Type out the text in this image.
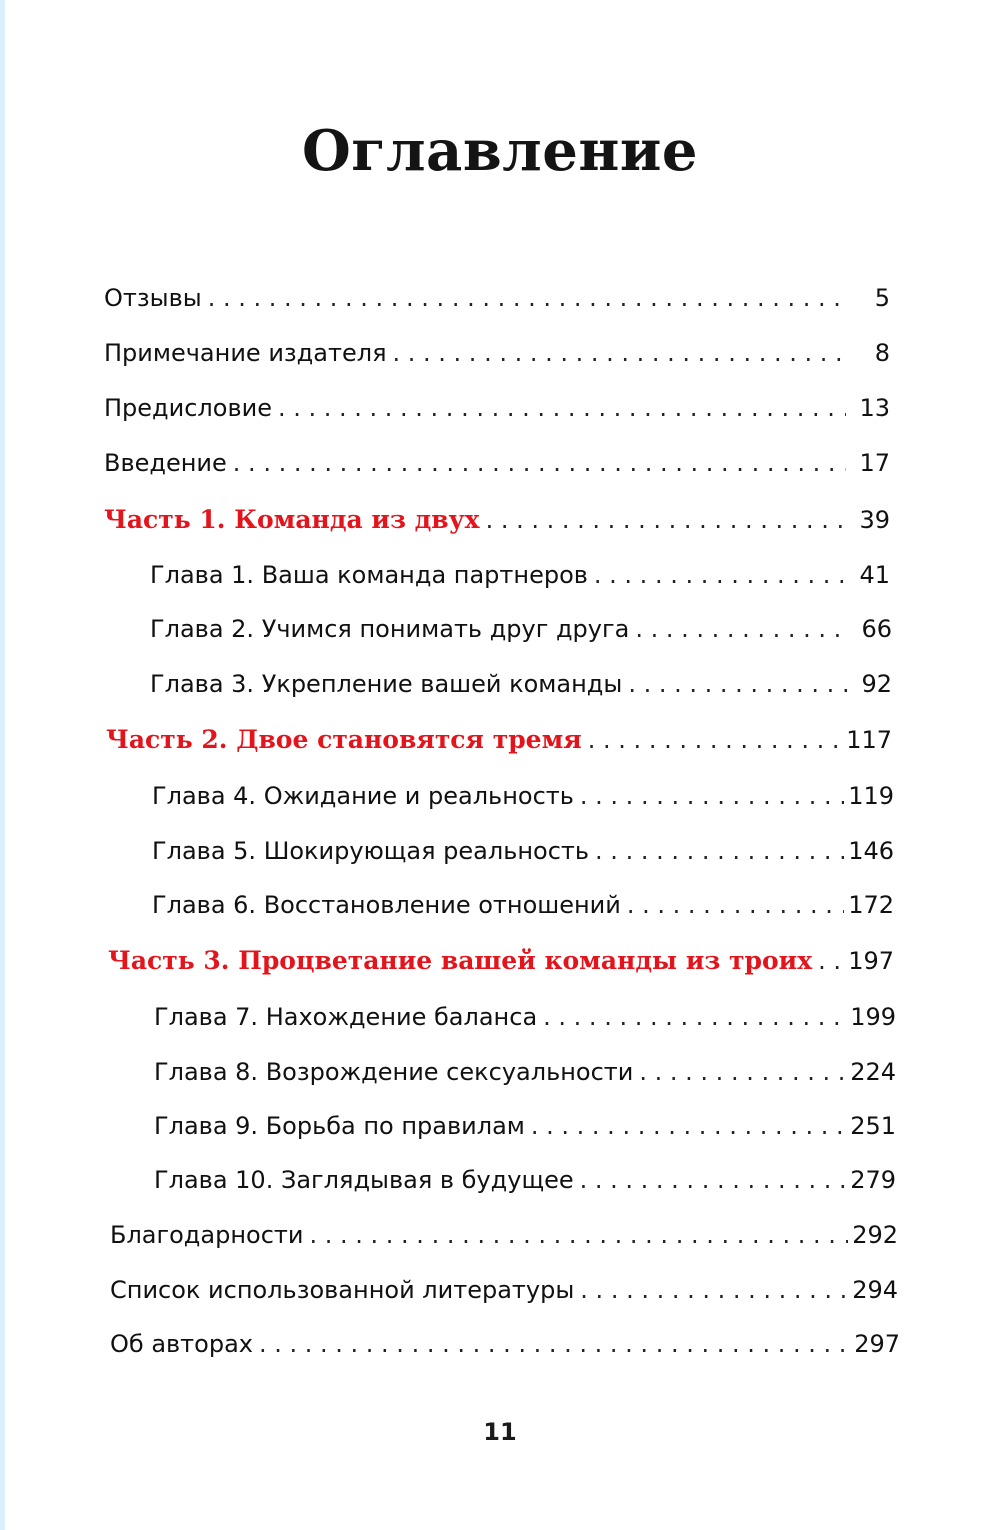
Оглавление
Отзывы . . .	5
Примечание издателя . . .	8
Предисловие . . .	13
Введение . . .	17
Часть 1. Команда из двух . . .	39
Глава 1. Ваша команда партнеров . . .	41
Глава 2. Учимся понимать друг друга . . .	66
Глава 3. Укрепление вашей команды . . .	92
Часть 2. Двое становятся тремя . . .	117
Глава 4. Ожидание и реальность . . .	119
Глава 5. Шокирующая реальность . . .	146
Глава 6. Восстановление отношений . . .	172
Часть 3. Процветание вашей команды из троих . . . 197
Глава 7. Нахождение баланса . . .	199
Глава 8. Возрождение сексуальности . . .	224
Глава 9. Борьба по правилам . . .	251
Глава 10. Заглядывая в будущее . . .	279
Благодарности . . .	292
Список использованной литературы . . .	294
Об авторах . . .	297
11
